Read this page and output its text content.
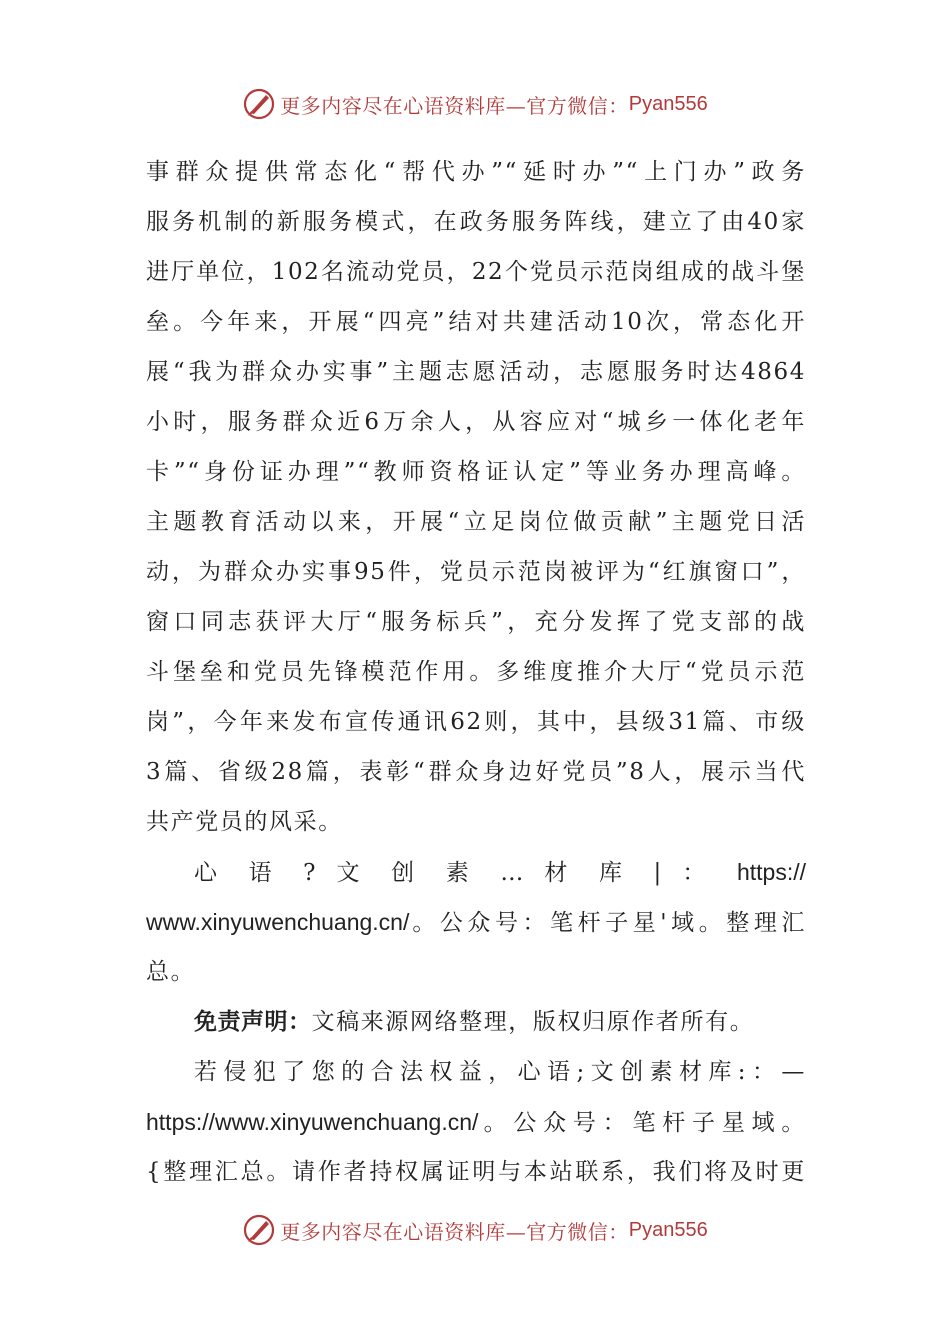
更多内容尽在心语资料库—官方微信： Pyan556
事群众提供常态化“帮代办”“延时办”“上门办”政务
服务机制的新服务模式，在政务服务阵线，建立了由40家
进厅单位，102名流动党员，22个党员示范岗组成的战斗堡
垒。今年来，开展“四亮”结对共建活动10次，常态化开
展“我为群众办实事”主题志愿活动，志愿服务时达4864
小时，服务群众近6万余人，从容应对“城乡一体化老年
卡”“身份证办理”“教师资格证认定”等业务办理高峰。
主题教育活动以来，开展“立足岗位做贡献”主题党日活
动，为群众办实事95件，党员示范岗被评为“红旗窗口”，
窗口同志获评大厅“服务标兵”，充分发挥了党支部的战
斗堡垒和党员先锋模范作用。多维度推介大厅“党员示范
岗”，今年来发布宣传通讯62则，其中，县级31篇、市级
3篇、省级28篇，表彰“群众身边好党员”8人，展示当代
共产党员的风采。
心 语 ? 文 创 素 … 材 库 | ： https://
www.xinyuwenchuang.cn/。公众号：笔杆子星'域。整理汇
总。
免责声明：文稿来源网络整理，版权归原作者所有。
若侵犯了您的合法权益，心语;文创素材库:：—
https://www.xinyuwenchuang.cn/。公众号：笔杆子星域。
{整理汇总。请作者持权属证明与本站联系，我们将及时更
更多内容尽在心语资料库—官方微信： Pyan556
